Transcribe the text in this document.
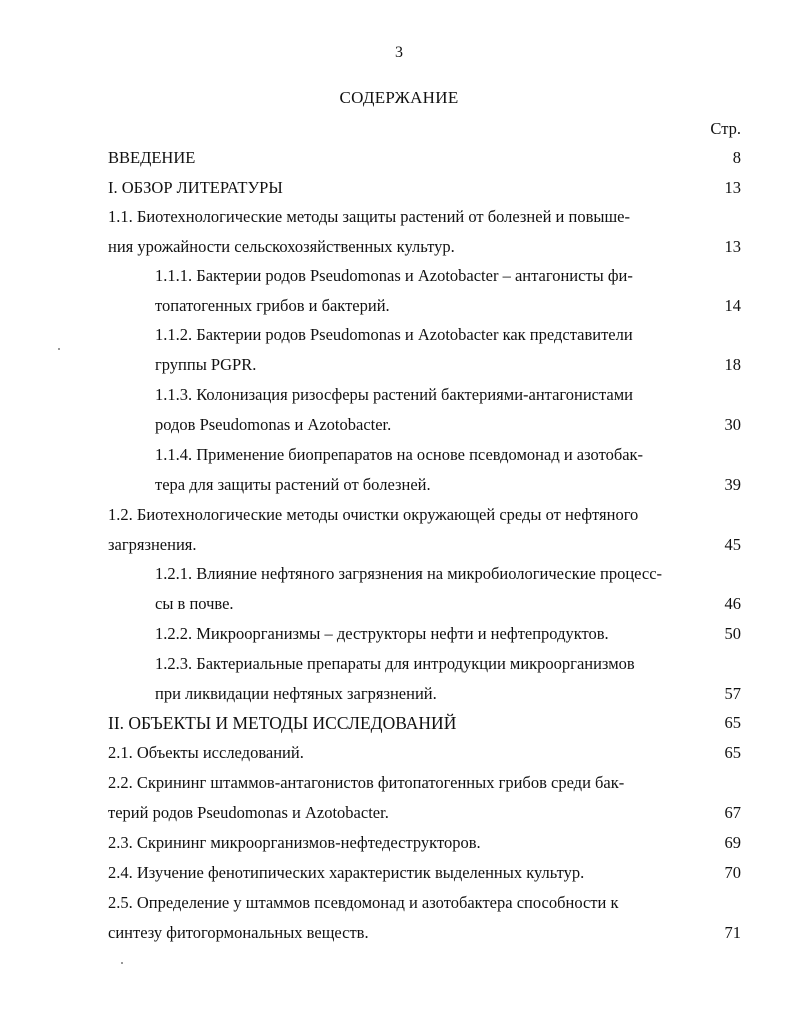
3
СОДЕРЖАНИЕ
Стр.
ВВЕДЕНИЕ	8
I. ОБЗОР ЛИТЕРАТУРЫ	13
1.1. Биотехнологические методы защиты растений от болезней и повыше-
ния урожайности сельскохозяйственных культур.	13
1.1.1. Бактерии родов Pseudomonas и Azotobacter – антагонисты фи-
топатогенных грибов и бактерий.	14
1.1.2. Бактерии родов Pseudomonas и Azotobacter как представители
группы PGPR.	18
1.1.3. Колонизация ризосферы растений бактериями-антагонистами
родов Pseudomonas и Azotobacter.	30
1.1.4. Применение биопрепаратов на основе псевдомонад и азотобак-
тера для защиты растений от болезней.	39
1.2. Биотехнологические методы очистки окружающей среды от нефтяного
загрязнения.	45
1.2.1. Влияние нефтяного загрязнения на микробиологические процесс-
сы в почве.	46
1.2.2. Микроорганизмы – деструкторы нефти и нефтепродуктов.	50
1.2.3. Бактериальные препараты для интродукции микроорганизмов
при ликвидации нефтяных загрязнений.	57
II. ОБЪЕКТЫ И МЕТОДЫ ИССЛЕДОВАНИЙ	65
2.1. Объекты исследований.	65
2.2. Скрининг штаммов-антагонистов фитопатогенных грибов среди бак-
терий родов Pseudomonas и Azotobacter.	67
2.3. Скрининг микроорганизмов-нефтедеструкторов.	69
2.4. Изучение фенотипических характеристик выделенных культур.	70
2.5. Определение у штаммов псевдомонад и азотобактера способности к
синтезу фитогормональных веществ.	71
